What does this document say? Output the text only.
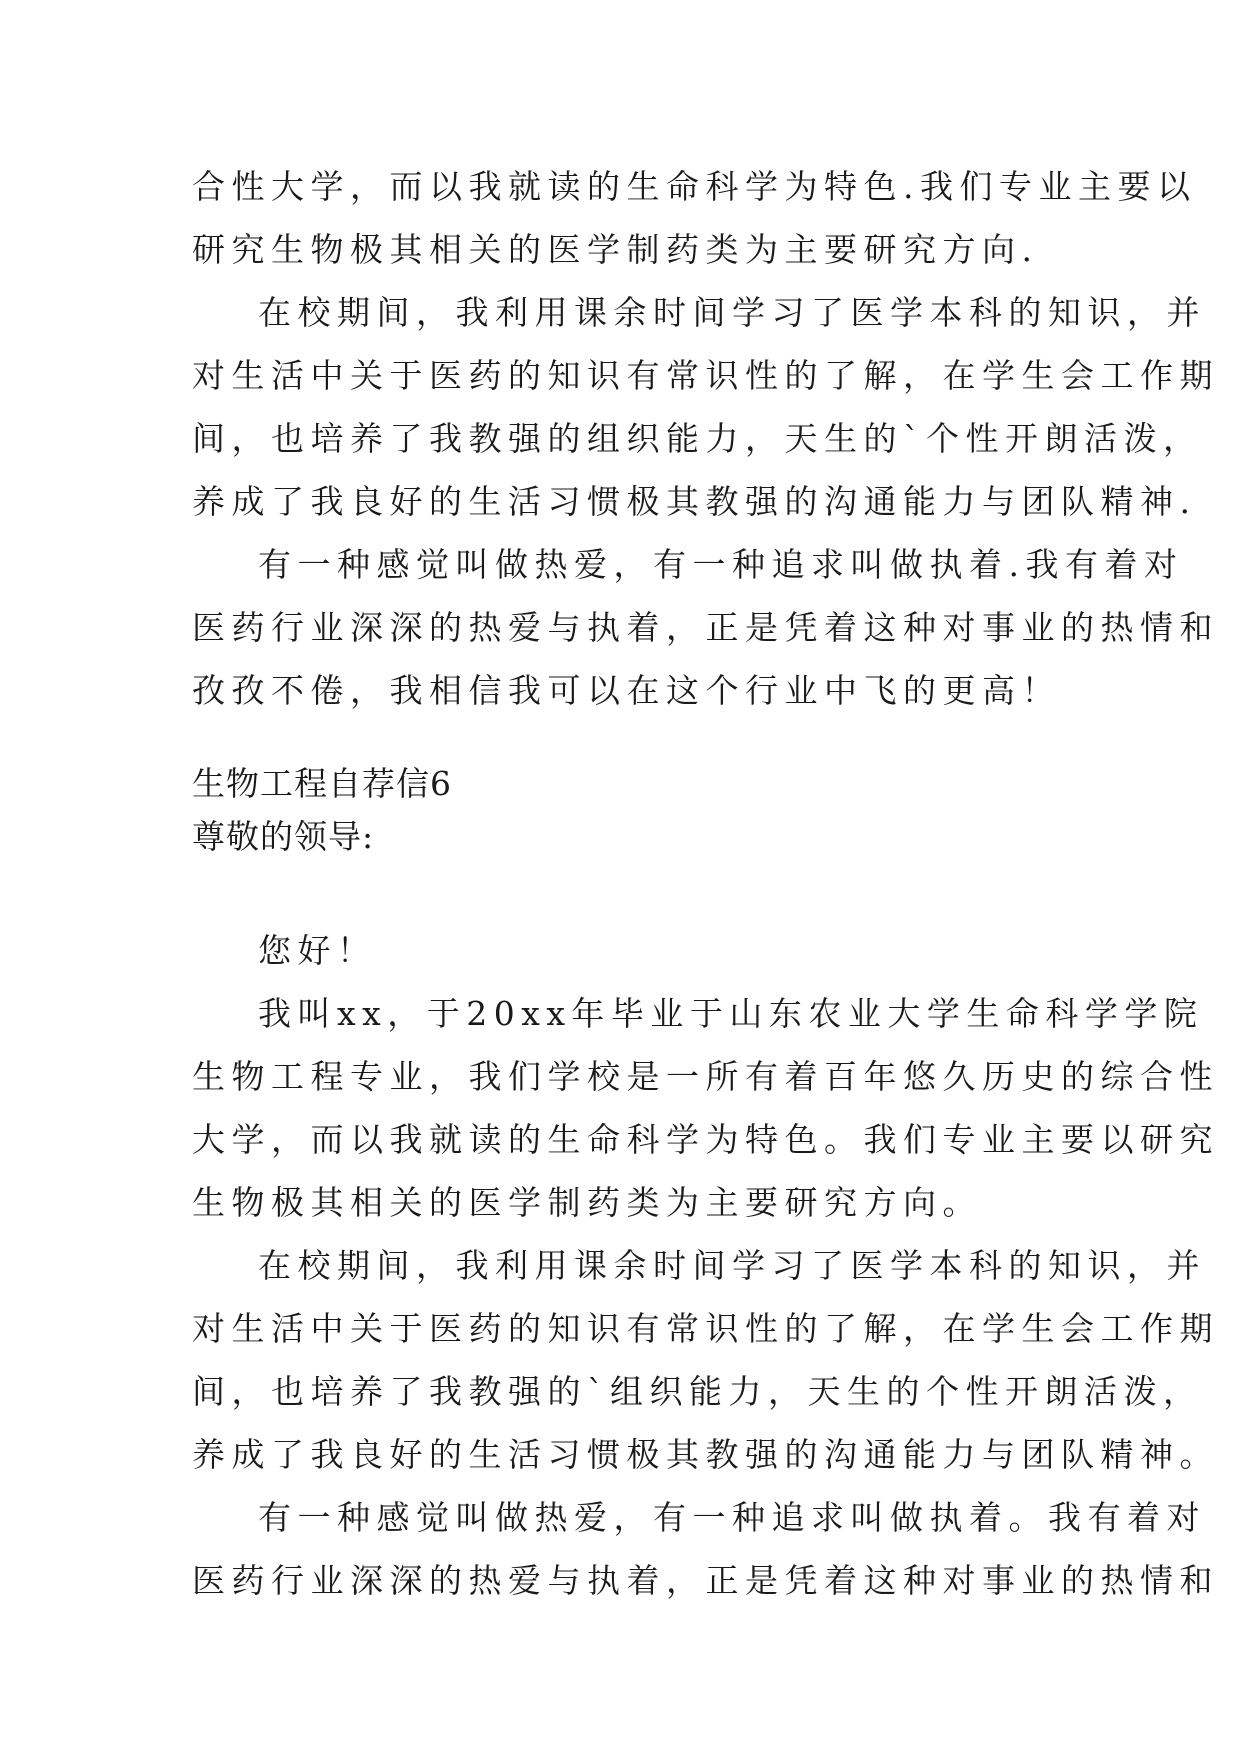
合性大学，而以我就读的生命科学为特色.我们专业主要以
研究生物极其相关的医学制药类为主要研究方向.
在校期间，我利用课余时间学习了医学本科的知识，并
对生活中关于医药的知识有常识性的了解，在学生会工作期
间，也培养了我教强的组织能力，天生的`个性开朗活泼，
养成了我良好的生活习惯极其教强的沟通能力与团队精神.
有一种感觉叫做热爱，有一种追求叫做执着.我有着对
医药行业深深的热爱与执着，正是凭着这种对事业的热情和
孜孜不倦，我相信我可以在这个行业中飞的更高！
生物工程自荐信6
尊敬的领导:
您好！
我叫xx，于20xx年毕业于山东农业大学生命科学学院
生物工程专业，我们学校是一所有着百年悠久历史的综合性
大学，而以我就读的生命科学为特色。我们专业主要以研究
生物极其相关的医学制药类为主要研究方向。
在校期间，我利用课余时间学习了医学本科的知识，并
对生活中关于医药的知识有常识性的了解，在学生会工作期
间，也培养了我教强的`组织能力，天生的个性开朗活泼，
养成了我良好的生活习惯极其教强的沟通能力与团队精神。
有一种感觉叫做热爱，有一种追求叫做执着。我有着对
医药行业深深的热爱与执着，正是凭着这种对事业的热情和
